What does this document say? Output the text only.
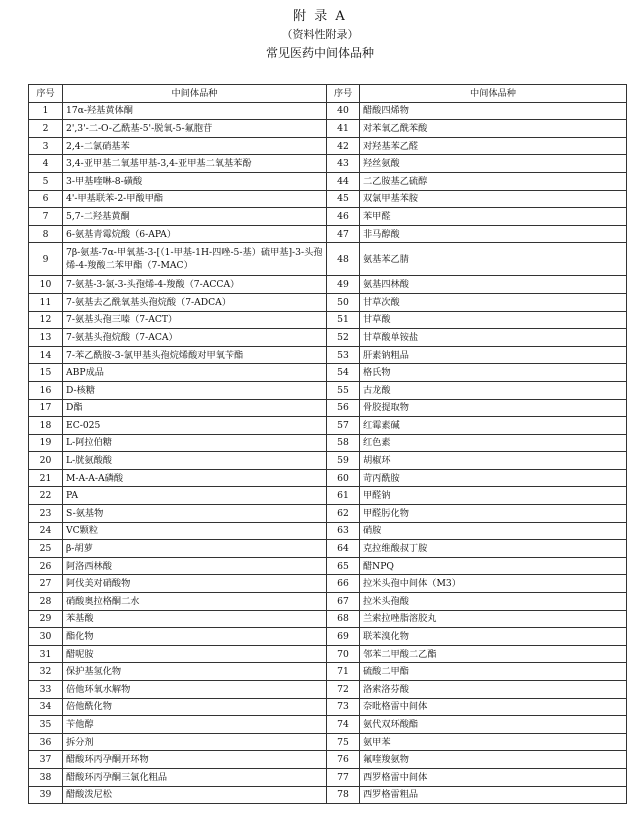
附 录 A
（资料性附录）
常见医药中间体品种
序号	中间体品种	序号	中间体品种
1	17α-羟基黄体酮	40	醋酸四烯物
2	2',3'-二-O-乙酰基-5'-脱氧-5-氟胞苷	41	对苯氧乙酰苯酸
3	2,4-二氯硝基苯	42	对羟基苯乙醛
4	3,4-亚甲基二氧基甲基-3,4-亚甲基二氧基苯酚	43	羟丝氨酸
5	3-甲基喹啉-8-磺酸	44	二乙胺基乙硫醇
6	4'-甲基联苯-2-甲酸甲酯	45	双氯甲基苯胺
7	5,7-二羟基黄酮	46	苯甲醛
8	6-氨基青霉烷酸（6-APA）	47	非马醇酸
9	7β-氨基-7α-甲氧基-3-[（1-甲基-1H-四唑-5-基）硫甲基]-3-头孢烯-4-羧酸二苯甲酯（7-MAC）	48	氨基苯乙腈
10	7-氨基-3-氯-3-头孢烯-4-羧酸（7-ACCA）	49	氨基四林酸
11	7-氨基去乙酰氧基头孢烷酸（7-ADCA）	50	甘草次酸
12	7-氨基头孢三嗪（7-ACT）	51	甘草酸
13	7-氨基头孢烷酸（7-ACA）	52	甘草酸单铵盐
14	7-苯乙酰胺-3-氯甲基头孢烷烯酸对甲氧苄酯	53	肝素钠粗品
15	ABP成品	54	格氏物
16	D-核糖	55	古龙酸
17	D酯	56	骨胶提取物
18	EC-025	57	红霉素碱
19	L-阿拉伯糖	58	红色素
20	L-胱氨酸酸	59	胡椒环
21	M-A-A-A磷酸	60	苛丙酰胺
22	PA	61	甲醛钠
23	S-氨基物	62	甲醛肟化物
24	VC颗粒	63	硝胺
25	β-胡萝	64	克拉维酸叔丁胺
26	阿洛西林酸	65	醋NPQ
27	阿伐美对硝酸物	66	拉米头孢中间体（M3）
28	硝酸奥拉格酮二水	67	拉米头孢酸
29	苯基酸	68	兰索拉唑脂溶胶丸
30	酯化物	69	联苯溴化物
31	醋呢胺	70	邻苯二甲酸二乙酯
32	保护基氢化物	71	硫酸二甲酯
33	倍他环氧水解物	72	洛索洛芬酸
34	倍他酰化物	73	奈吡格雷中间体
35	苄他醇	74	氨代双环酸酯
36	拆分剂	75	氨甲苯
37	醋酸环丙孕酮开环物	76	氟喹羧氨物
38	醋酸环丙孕酮三氯化粗品	77	西罗格雷中间体
39	醋酸泼尼松	78	西罗格雷粗品
